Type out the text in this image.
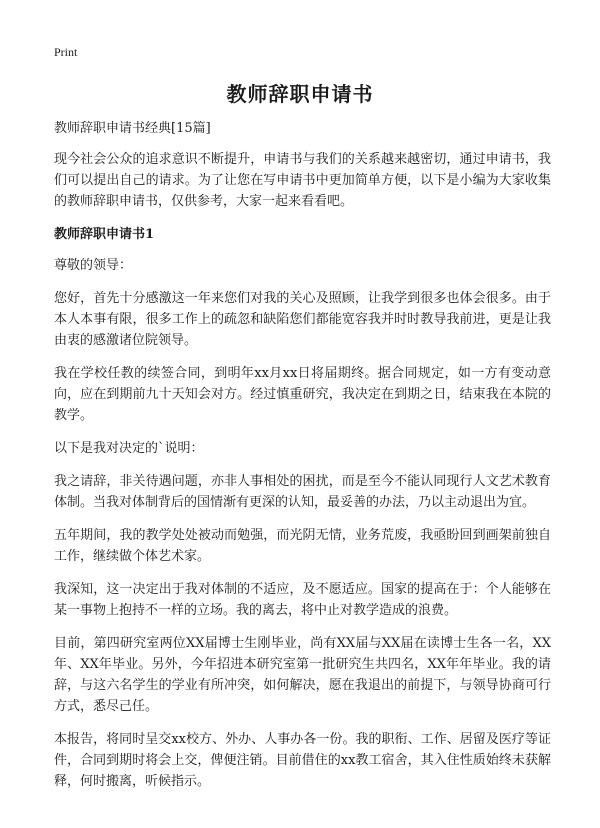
Print
教师辞职申请书

教师辞职申请书经典[15篇]

现今社会公众的追求意识不断提升，申请书与我们的关系越来越密切，通过申请书，我们可以提出自己的请求。为了让您在写申请书中更加简单方便，以下是小编为大家收集的教师辞职申请书，仅供参考，大家一起来看看吧。

教师辞职申请书1

尊敬的领导：

您好，首先十分感激这一年来您们对我的关心及照顾，让我学到很多也体会很多。由于本人本事有限，很多工作上的疏忽和缺陷您们都能宽容我并时时教导我前进，更是让我由衷的感激诸位院领导。

我在学校任教的续签合同，到明年xx月xx日将届期终。据合同规定，如一方有变动意向，应在到期前九十天知会对方。经过慎重研究，我决定在到期之日，结束我在本院的教学。

以下是我对决定的`说明：

我之请辞，非关待遇问题，亦非人事相处的困扰，而是至今不能认同现行人文艺术教育体制。当我对体制背后的国情渐有更深的认知，最妥善的办法，乃以主动退出为宜。

五年期间，我的教学处处被动而勉强，而光阴无情，业务荒废，我亟盼回到画架前独自工作，继续做个体艺术家。

我深知，这一决定出于我对体制的不适应，及不愿适应。国家的提高在于：个人能够在某一事物上抱持不一样的立场。我的离去，将中止对教学造成的浪费。

目前，第四研究室两位XX届博士生刚毕业，尚有XX届与XX届在读博士生各一名，XX年、XX年毕业。另外，今年招进本研究室第一批研究生共四名，XX年年毕业。我的请辞，与这六名学生的学业有所冲突，如何解决，愿在我退出的前提下，与领导协商可行方式，悉尽己任。

本报告，将同时呈交xx校方、外办、人事办各一份。我的职衔、工作、居留及医疗等证件，合同到期时将会上交，俾便注销。目前借住的xx教工宿舍，其入住性质始终未获解释，何时搬离，听候指示。
